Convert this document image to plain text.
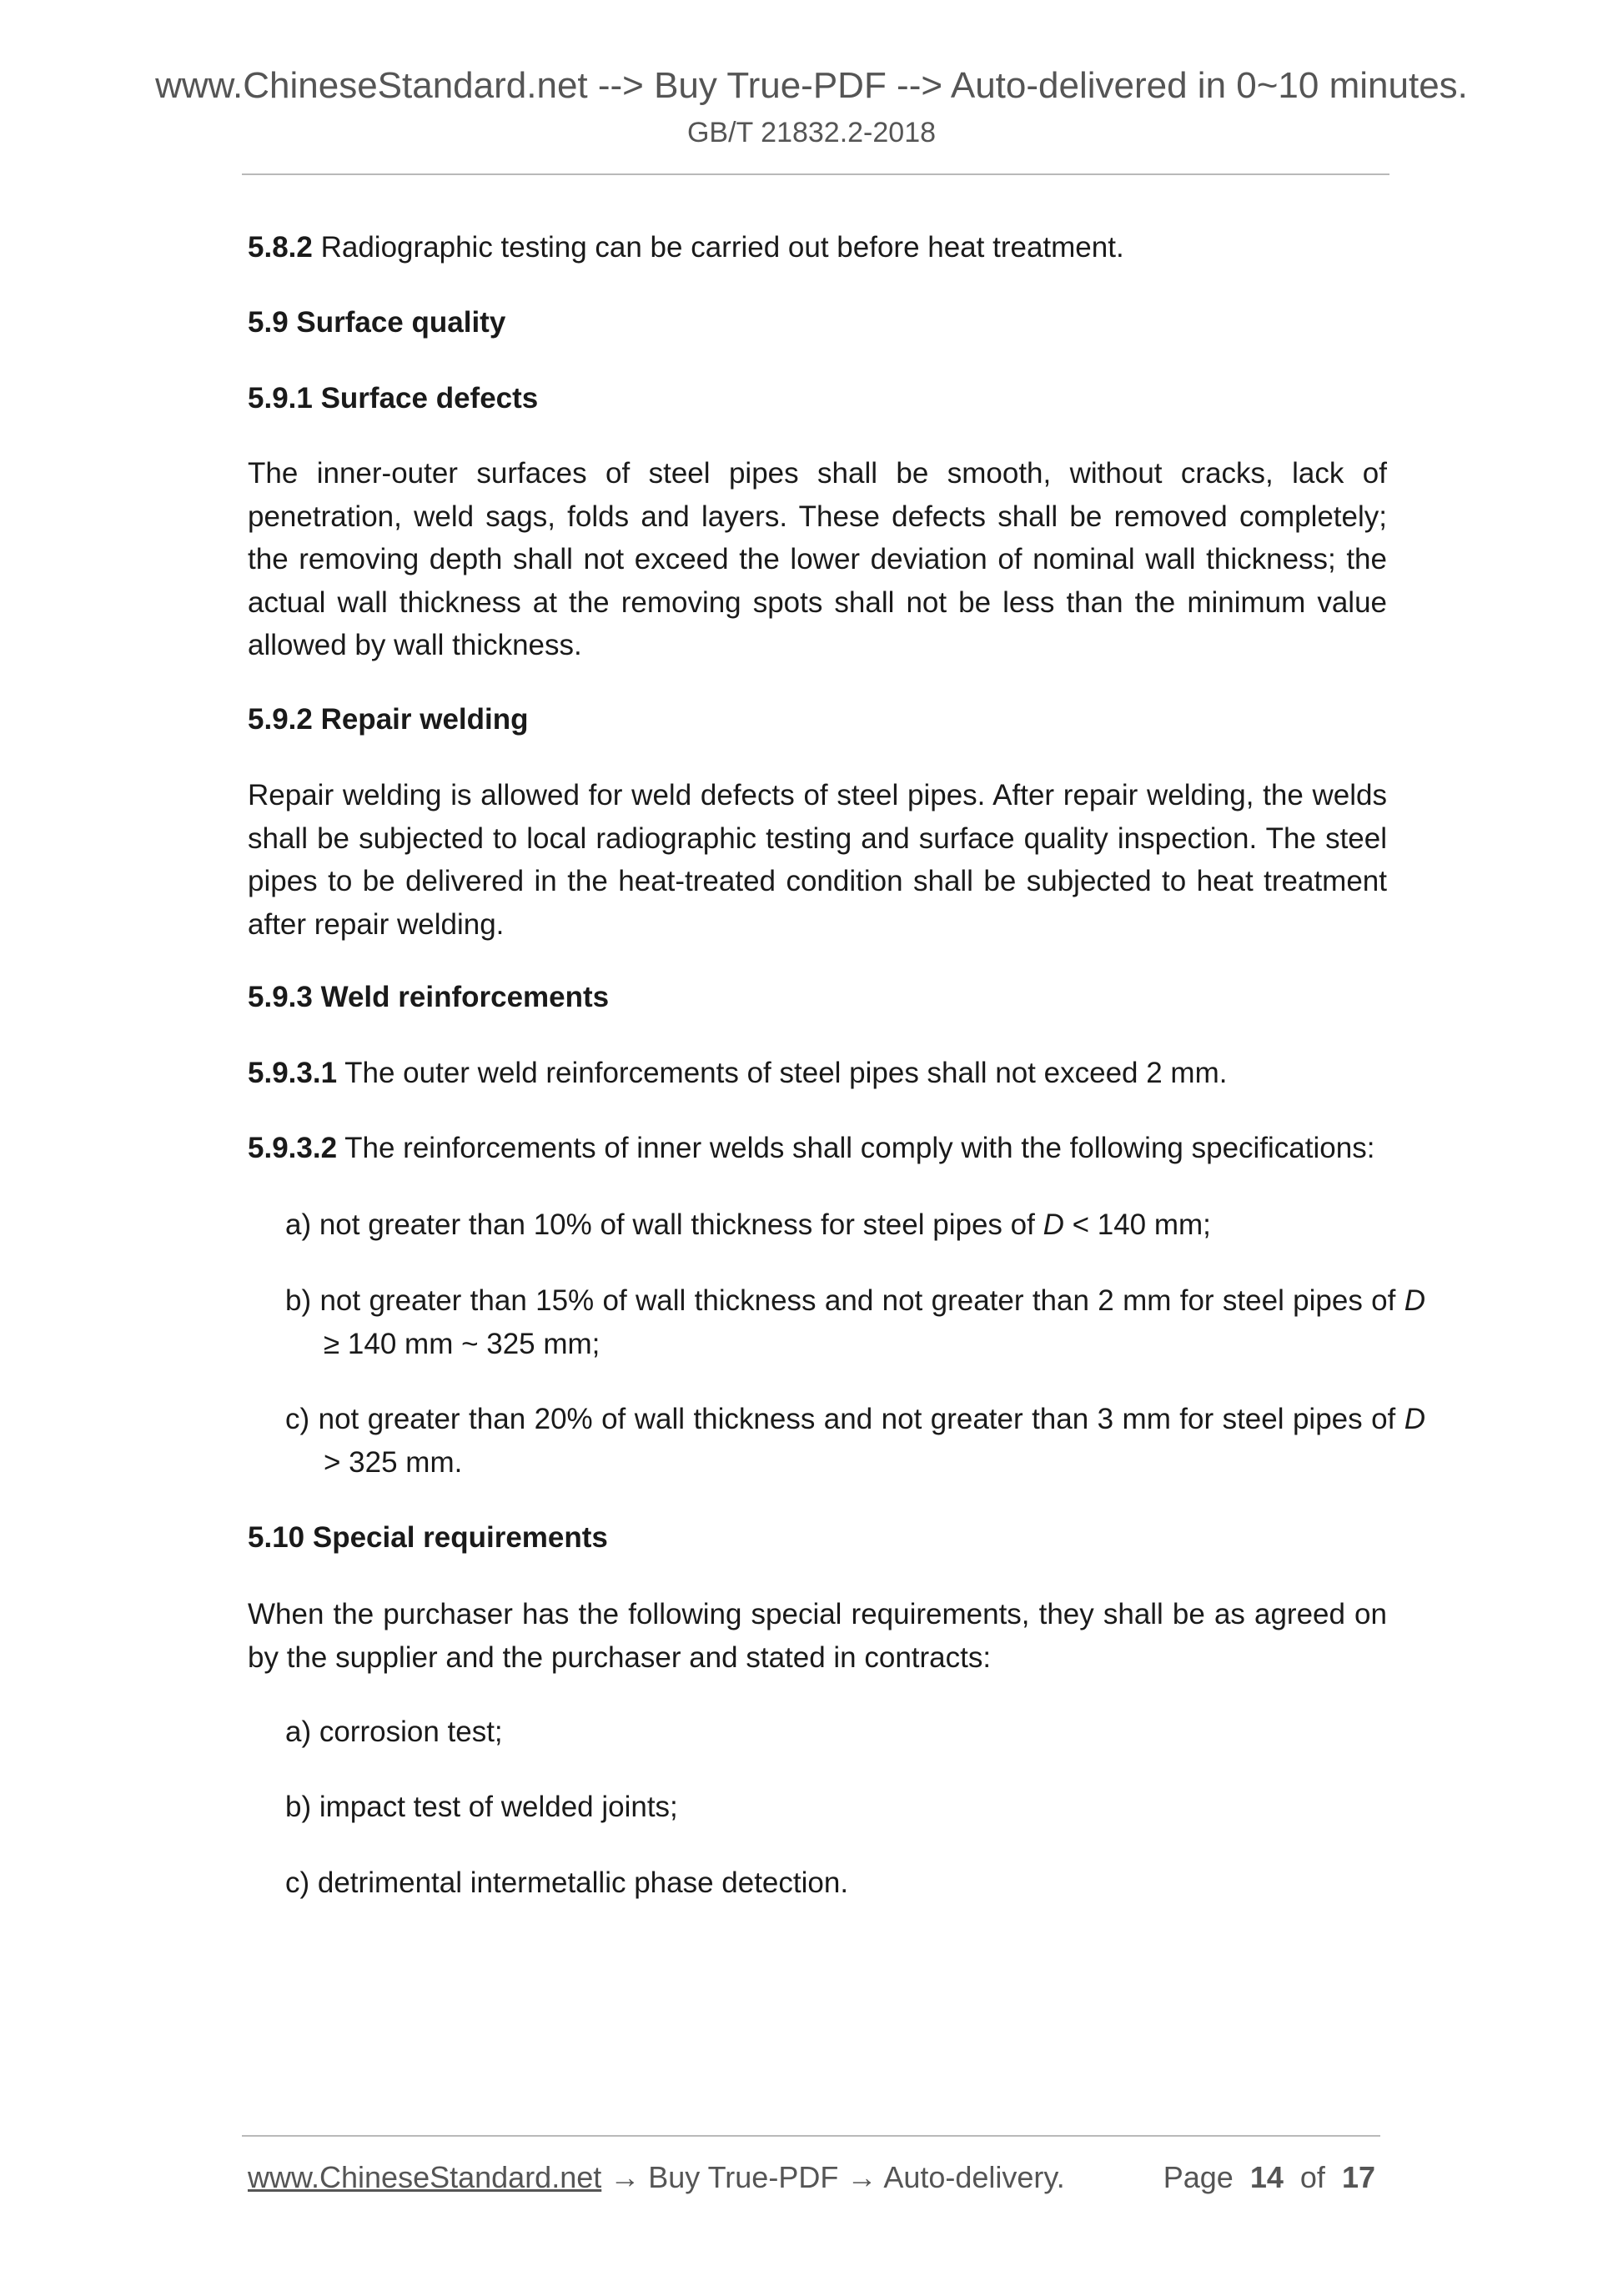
www.ChineseStandard.net --> Buy True-PDF --> Auto-delivered in 0~10 minutes.
GB/T 21832.2-2018

5.8.2 Radiographic testing can be carried out before heat treatment.

5.9 Surface quality

5.9.1 Surface defects

The inner-outer surfaces of steel pipes shall be smooth, without cracks, lack of penetration, weld sags, folds and layers. These defects shall be removed completely; the removing depth shall not exceed the lower deviation of nominal wall thickness; the actual wall thickness at the removing spots shall not be less than the minimum value allowed by wall thickness.

5.9.2 Repair welding

Repair welding is allowed for weld defects of steel pipes. After repair welding, the welds shall be subjected to local radiographic testing and surface quality inspection. The steel pipes to be delivered in the heat-treated condition shall be subjected to heat treatment after repair welding.

5.9.3 Weld reinforcements

5.9.3.1 The outer weld reinforcements of steel pipes shall not exceed 2 mm.

5.9.3.2 The reinforcements of inner welds shall comply with the following specifications:

a) not greater than 10% of wall thickness for steel pipes of D < 140 mm;

b) not greater than 15% of wall thickness and not greater than 2 mm for steel pipes of D ≥ 140 mm ~ 325 mm;

c) not greater than 20% of wall thickness and not greater than 3 mm for steel pipes of D > 325 mm.

5.10 Special requirements

When the purchaser has the following special requirements, they shall be as agreed on by the supplier and the purchaser and stated in contracts:

a) corrosion test;

b) impact test of welded joints;

c) detrimental intermetallic phase detection.

www.ChineseStandard.net → Buy True-PDF → Auto-delivery.	Page 14 of 17
